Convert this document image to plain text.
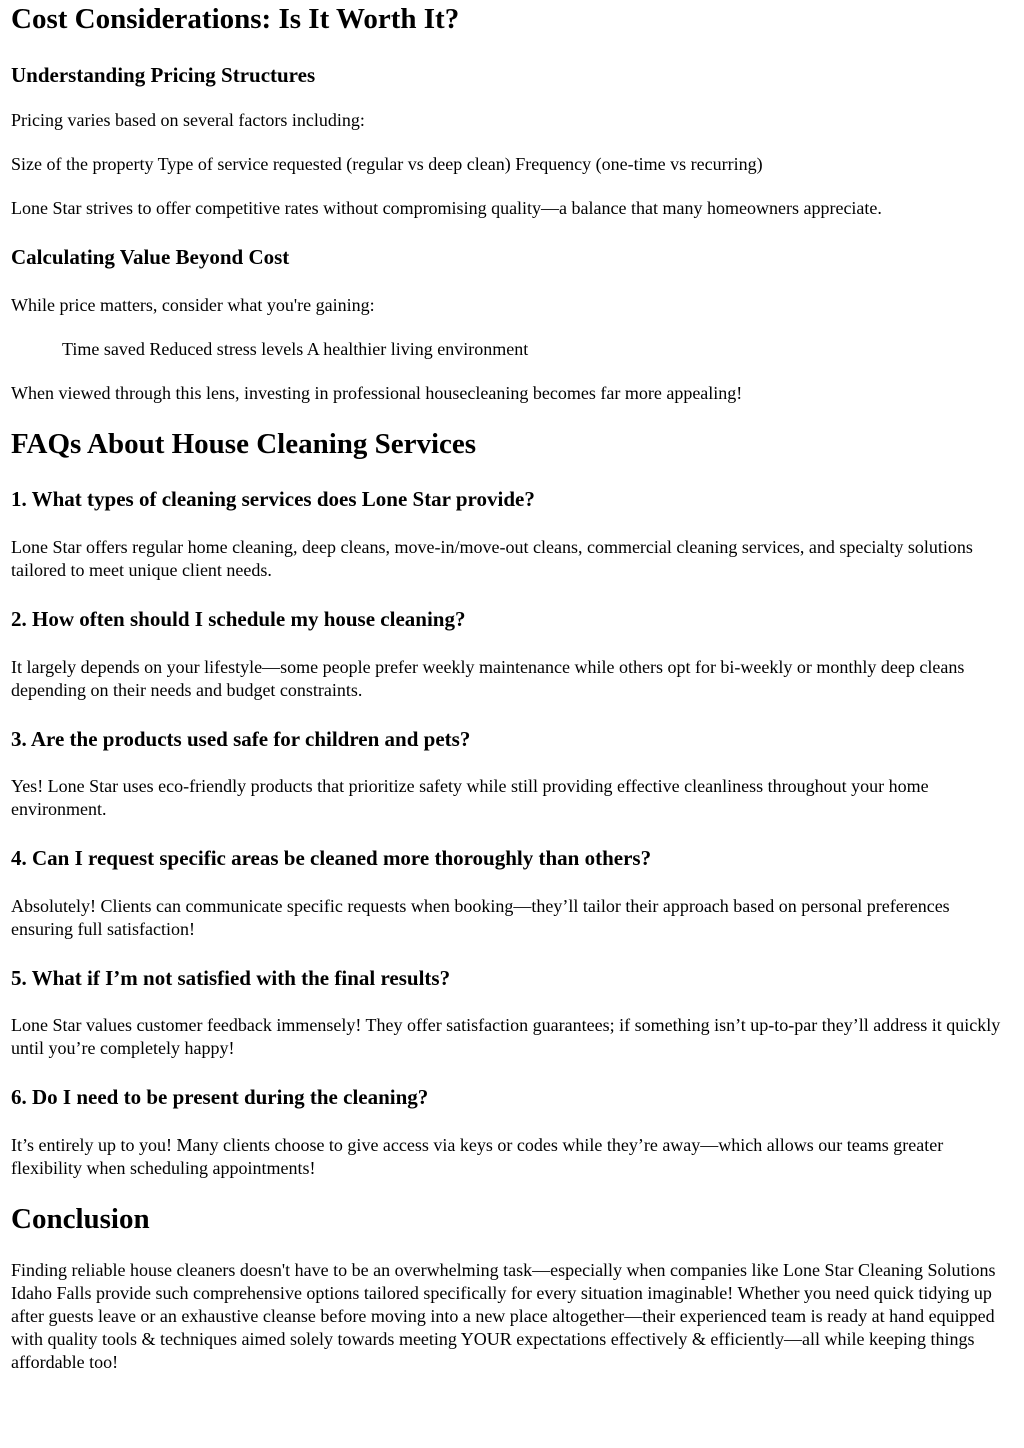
Cost Considerations: Is It Worth It?
Understanding Pricing Structures

Pricing varies based on several factors including:

Size of the property Type of service requested (regular vs deep clean) Frequency (one-time vs recurring)

Lone Star strives to offer competitive rates without compromising quality—a balance that many homeowners appreciate.

Calculating Value Beyond Cost

While price matters, consider what you're gaining:

Time saved Reduced stress levels A healthier living environment

When viewed through this lens, investing in professional housecleaning becomes far more appealing!

FAQs About House Cleaning Services
1. What types of cleaning services does Lone Star provide?

Lone Star offers regular home cleaning, deep cleans, move-in/move-out cleans, commercial cleaning services, and specialty solutions tailored to meet unique client needs.

2. How often should I schedule my house cleaning?

It largely depends on your lifestyle—some people prefer weekly maintenance while others opt for bi-weekly or monthly deep cleans depending on their needs and budget constraints.

3. Are the products used safe for children and pets?

Yes! Lone Star uses eco-friendly products that prioritize safety while still providing effective cleanliness throughout your home environment.

4. Can I request specific areas be cleaned more thoroughly than others?

Absolutely! Clients can communicate specific requests when booking—they’ll tailor their approach based on personal preferences ensuring full satisfaction!

5. What if I’m not satisfied with the final results?

Lone Star values customer feedback immensely! They offer satisfaction guarantees; if something isn’t up-to-par they’ll address it quickly until you’re completely happy!

6. Do I need to be present during the cleaning?

It’s entirely up to you! Many clients choose to give access via keys or codes while they’re away—which allows our teams greater flexibility when scheduling appointments!

Conclusion

Finding reliable house cleaners doesn't have to be an overwhelming task—especially when companies like Lone Star Cleaning Solutions Idaho Falls provide such comprehensive options tailored specifically for every situation imaginable! Whether you need quick tidying up after guests leave or an exhaustive cleanse before moving into a new place altogether—their experienced team is ready at hand equipped with quality tools & techniques aimed solely towards meeting YOUR expectations effectively & efficiently—all while keeping things affordable too!
